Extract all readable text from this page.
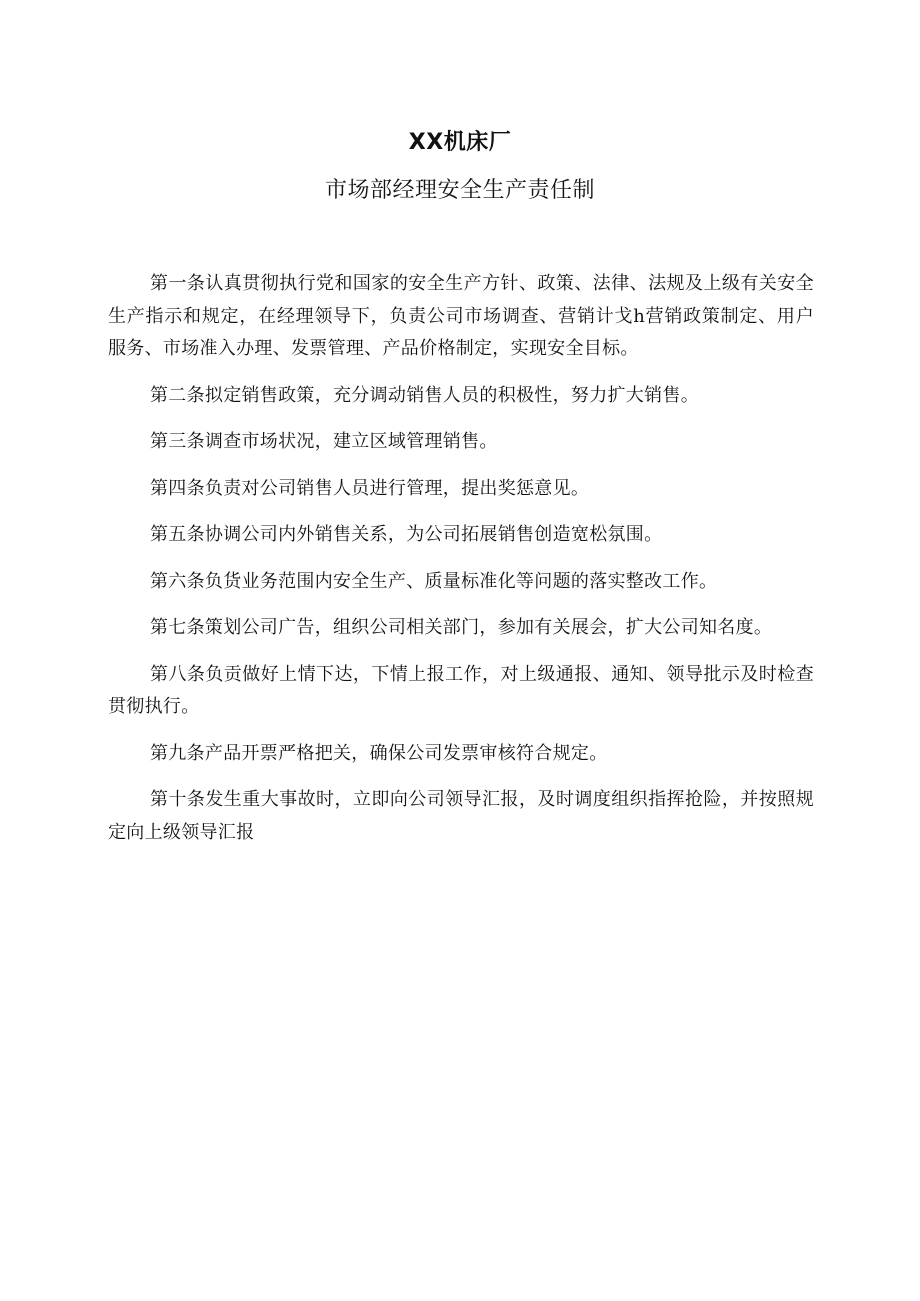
XX机床厂
市场部经理安全生产责任制

第一条认真贯彻执行党和国家的安全生产方针、政策、法律、法规及上级有关安全生产指示和规定，在经理领导下，负责公司市场调查、营销计戈h营销政策制定、用户服务、市场准入办理、发票管理、产品价格制定，实现安全目标。

第二条拟定销售政策，充分调动销售人员的积极性，努力扩大销售。

第三条调查市场状况，建立区域管理销售。

第四条负责对公司销售人员进行管理，提出奖惩意见。

第五条协调公司内外销售关系，为公司拓展销售创造宽松氛围。

第六条负货业务范围内安全生产、质量标准化等问题的落实整改工作。

第七条策划公司广告，组织公司相关部门，参加有关展会，扩大公司知名度。

第八条负贡做好上情下达，下情上报工作，对上级通报、通知、领导批示及时检查贯彻执行。

第九条产品开票严格把关，确保公司发票审核符合规定。

第十条发生重大事故时，立即向公司领导汇报，及时调度组织指挥抢险，并按照规定向上级领导汇报
